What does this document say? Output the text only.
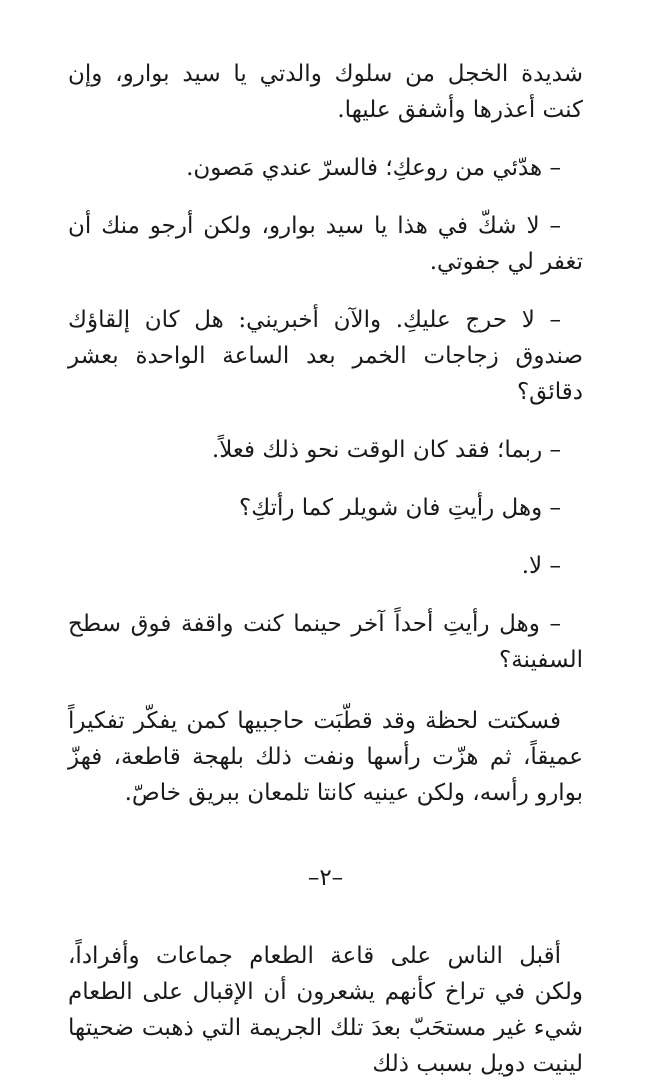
شديدة الخجل من سلوك والدتي يا سيد بوارو، وإن كنت أعذرها وأشفق عليها.

– هدّئي من روعكِ؛ فالسرّ عندي مَصون.

– لا شكّ في هذا يا سيد بوارو، ولكن أرجو منك أن تغفر لي جفوتي.

– لا حرج عليكِ. والآن أخبريني: هل كان إلقاؤك صندوق زجاجات الخمر بعد الساعة الواحدة بعشر دقائق؟

– ربما؛ فقد كان الوقت نحو ذلك فعلاً.

– وهل رأيتِ فان شويلر كما رأتكِ؟

– لا.

– وهل رأيتِ أحداً آخر حينما كنت واقفة فوق سطح السفينة؟

فسكتت لحظة وقد قطّبَت حاجبيها كمن يفكّر تفكيراً عميقاً، ثم هزّت رأسها ونفت ذلك بلهجة قاطعة، فهزّ بوارو رأسه، ولكن عينيه كانتا تلمعان ببريق خاصّ.

–٢–

أقبل الناس على قاعة الطعام جماعات وأفراداً، ولكن في تراخ كأنهم يشعرون أن الإقبال على الطعام شيء غير مستحَبّ بعدَ تلك الجريمة التي ذهبت ضحيتها لينيت دويل بسبب ذلك
